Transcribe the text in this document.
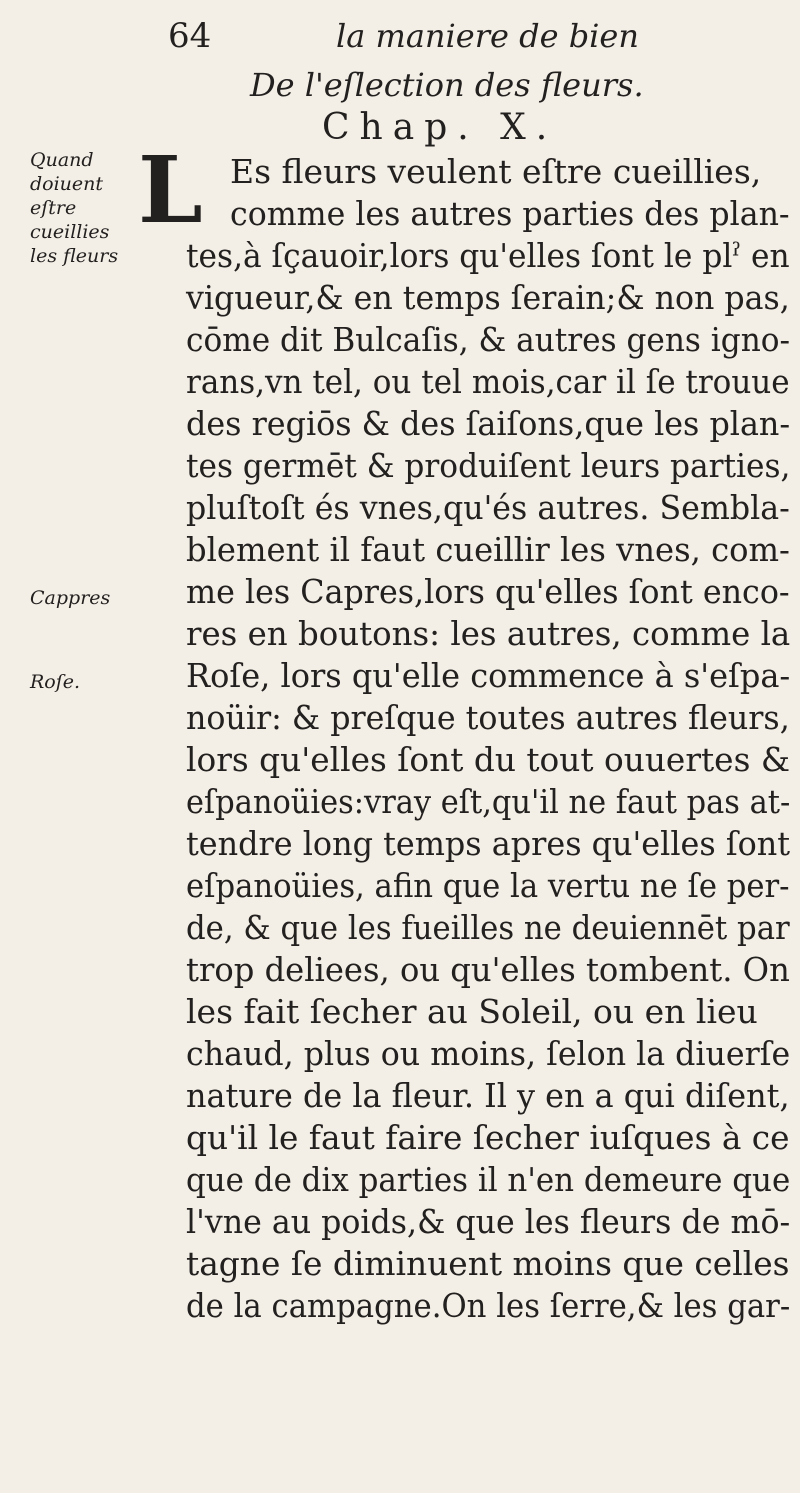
64	la maniere de bien
De l'eſlection des fleurs.
Chap. X.
Quand
doiuent
eſtre
cueillies
les fleurs
Cappres
Roſe.
L Es fleurs veulent eſtre cueillies,
comme les autres parties des plan-
tes,à ſçauoir,lors qu'elles ſont le plˀ en
vigueur,& en temps ſerain;& non pas,
cōme dit Bulcaſis, & autres gens igno-
rans,vn tel, ou tel mois,car il ſe trouue
des regiōs & des ſaiſons,que les plan-
tes germēt & produiſent leurs parties,
pluſtoſt és vnes,qu'és autres. Sembla-
blement il faut cueillir les vnes, com-
me les Capres,lors qu'elles ſont enco-
res en boutons: les autres, comme la
Roſe, lors qu'elle commence à s'eſpa-
noüir: & preſque toutes autres fleurs,
lors qu'elles ſont du tout ouuertes &
eſpanoüies:vray eſt,qu'il ne faut pas at-
tendre long temps apres qu'elles ſont
eſpanoüies, afin que la vertu ne ſe per-
de, & que les fueilles ne deuiennēt par
trop deliees, ou qu'elles tombent. On
les fait ſecher au Soleil, ou en lieu
chaud, plus ou moins, ſelon la diuerſe
nature de la fleur. Il y en a qui diſent,
qu'il le faut faire ſecher iuſques à ce
que de dix parties il n'en demeure que
l'vne au poids,& que les fleurs de mō-
tagne ſe diminuent moins que celles
de la campagne.On les ſerre,& les gar-
